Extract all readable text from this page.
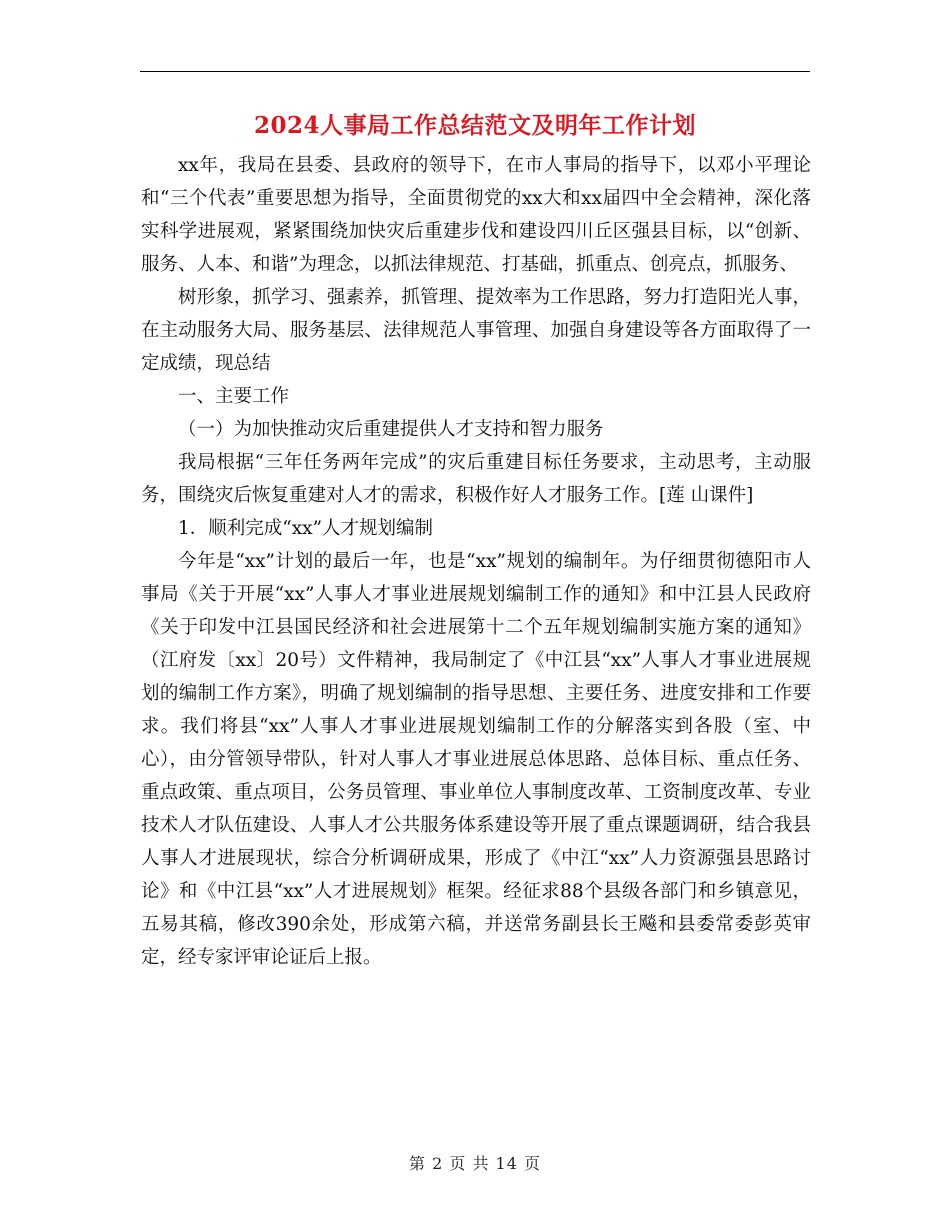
2024人事局工作总结范文及明年工作计划

xx年，我局在县委、县政府的领导下，在市人事局的指导下，以邓小平理论和“三个代表”重要思想为指导，全面贯彻党的xx大和xx届四中全会精神，深化落实科学进展观，紧紧围绕加快灾后重建步伐和建设四川丘区强县目标，以“创新、服务、人本、和谐”为理念，以抓法律规范、打基础，抓重点、创亮点，抓服务、

树形象，抓学习、强素养，抓管理、提效率为工作思路，努力打造阳光人事，在主动服务大局、服务基层、法律规范人事管理、加强自身建设等各方面取得了一定成绩，现总结

一、主要工作

（一）为加快推动灾后重建提供人才支持和智力服务

我局根据“三年任务两年完成”的灾后重建目标任务要求，主动思考，主动服务，围绕灾后恢复重建对人才的需求，积极作好人才服务工作。[莲 山课件]

1．顺利完成“xx”人才规划编制

今年是“xx”计划的最后一年，也是“xx”规划的编制年。为仔细贯彻德阳市人事局《关于开展“xx”人事人才事业进展规划编制工作的通知》和中江县人民政府《关于印发中江县国民经济和社会进展第十二个五年规划编制实施方案的通知》（江府发〔xx〕20号）文件精神，我局制定了《中江县“xx”人事人才事业进展规划的编制工作方案》，明确了规划编制的指导思想、主要任务、进度安排和工作要求。我们将县“xx”人事人才事业进展规划编制工作的分解落实到各股（室、中心），由分管领导带队，针对人事人才事业进展总体思路、总体目标、重点任务、重点政策、重点项目，公务员管理、事业单位人事制度改革、工资制度改革、专业技术人才队伍建设、人事人才公共服务体系建设等开展了重点课题调研，结合我县人事人才进展现状，综合分析调研成果，形成了《中江“xx”人力资源强县思路讨论》和《中江县“xx”人才进展规划》框架。经征求88个县级各部门和乡镇意见，五易其稿，修改390余处，形成第六稿，并送常务副县长王飚和县委常委彭英审定，经专家评审论证后上报。

第 2 页 共 14 页
